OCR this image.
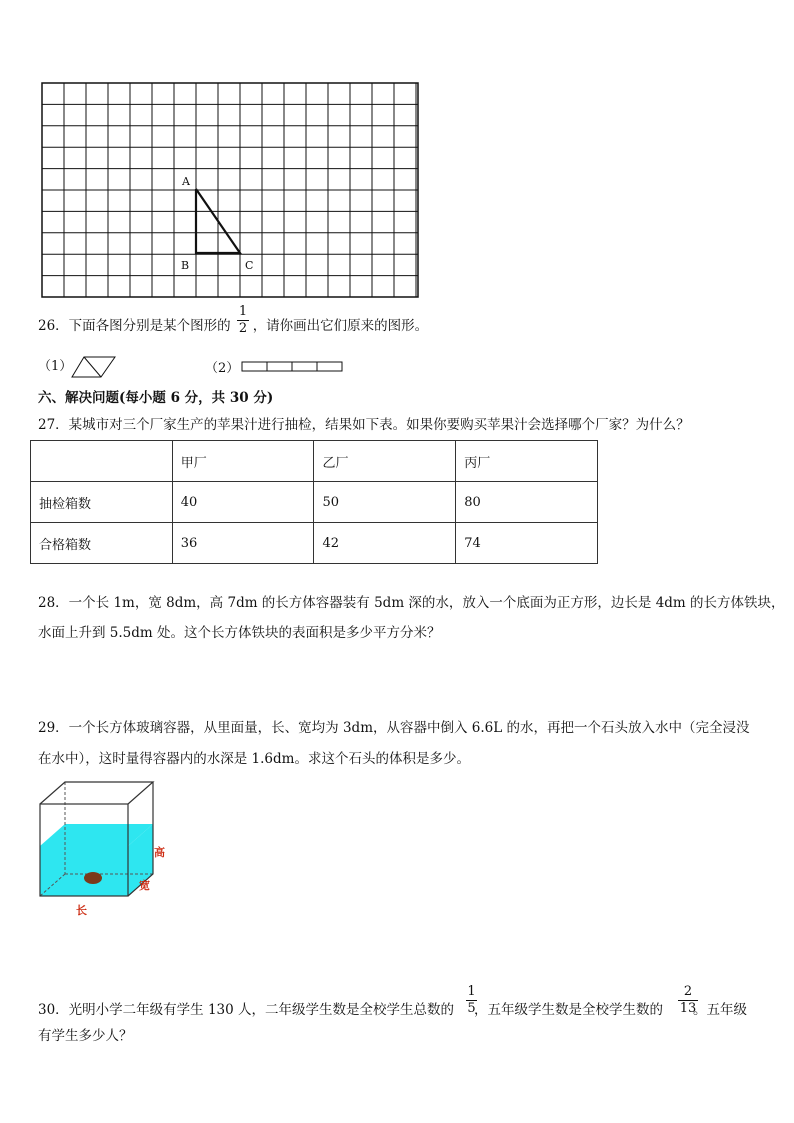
A
B	C
26．下面各图分别是某个图形的 ，请你画出它们原来的图形。
1
2
（1）	（2）
六、解决问题(每小题 6 分，共 30 分)
27．某城市对三个厂家生产的苹果汁进行抽检，结果如下表。如果你要购买苹果汁会选择哪个厂家？为什么？
	甲厂	乙厂	丙厂
抽检箱数	40	50	80
合格箱数	36	42	74
28．一个长 1m，宽 8dm，高 7dm 的长方体容器装有 5dm 深的水，放入一个底面为正方形，边长是 4dm 的长方体铁块，
水面上升到 5.5dm 处。这个长方体铁块的表面积是多少平方分米？
29．一个长方体玻璃容器，从里面量，长、宽均为 3dm，从容器中倒入 6.6L 的水，再把一个石头放入水中（完全浸没
在水中），这时量得容器内的水深是 1.6dm。求这个石头的体积是多少。
高
宽
长
30．光明小学二年级有学生 130 人，二年级学生数是全校学生总数的 ，五年级学生数是全校学生数的 。五年级
1
5
2
13
有学生多少人？
